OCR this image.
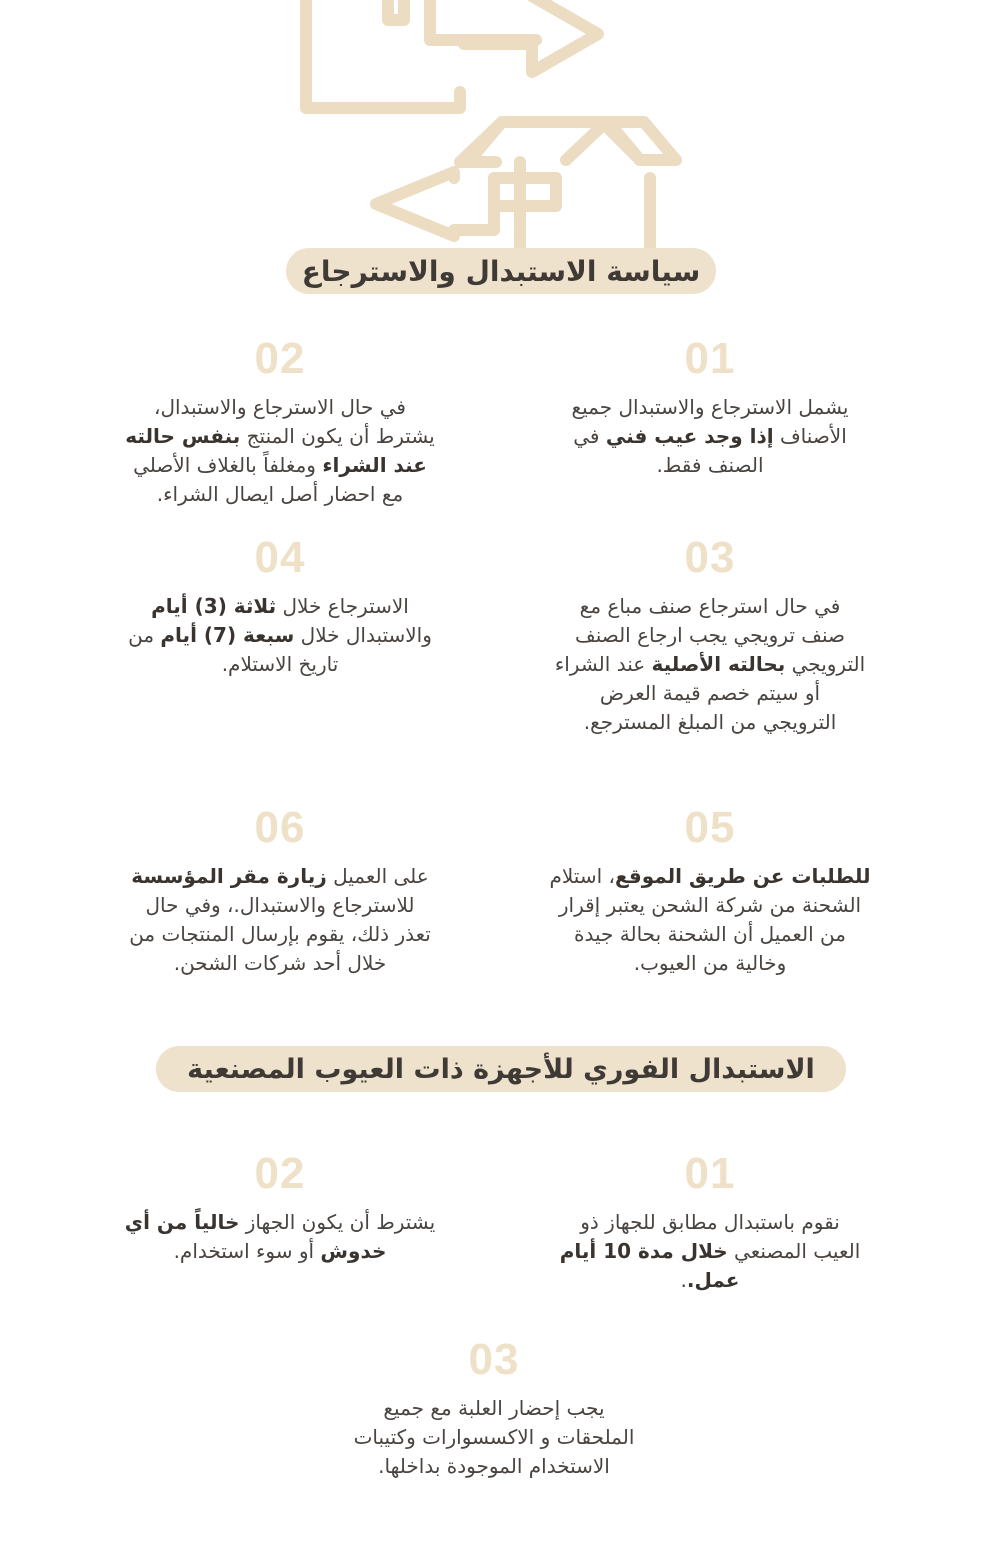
سياسة الاستبدال والاسترجاع
01
يشمل الاسترجاع والاستبدال جميع
الأصناف إذا وجد عيب فني في
الصنف فقط.
02
في حال الاسترجاع والاستبدال،
يشترط أن يكون المنتج بنفس حالته
عند الشراء ومغلفاً بالغلاف الأصلي
مع احضار أصل ايصال الشراء.
03
في حال استرجاع صنف مباع مع
صنف ترويجي يجب ارجاع الصنف
الترويجي بحالته الأصلية عند الشراء
أو سيتم خصم قيمة العرض
الترويجي من المبلغ المسترجع.
04
الاسترجاع خلال ثلاثة (3) أيام
والاستبدال خلال سبعة (7) أيام من
تاريخ الاستلام.
05
للطلبات عن طريق الموقع، استلام
الشحنة من شركة الشحن يعتبر إقرار
من العميل أن الشحنة بحالة جيدة
وخالية من العيوب.
06
على العميل زيارة مقر المؤسسة
للاسترجاع والاستبدال.، وفي حال
تعذر ذلك، يقوم بإرسال المنتجات من
خلال أحد شركات الشحن.
الاستبدال الفوري للأجهزة ذات العيوب المصنعية
01
نقوم باستبدال مطابق للجهاز ذو
العيب المصنعي خلال مدة 10 أيام
عمل..
02
يشترط أن يكون الجهاز خالياً من أي
خدوش أو سوء استخدام.
03
يجب إحضار العلبة مع جميع
الملحقات و الاكسسوارات وكتيبات
الاستخدام الموجودة بداخلها.
